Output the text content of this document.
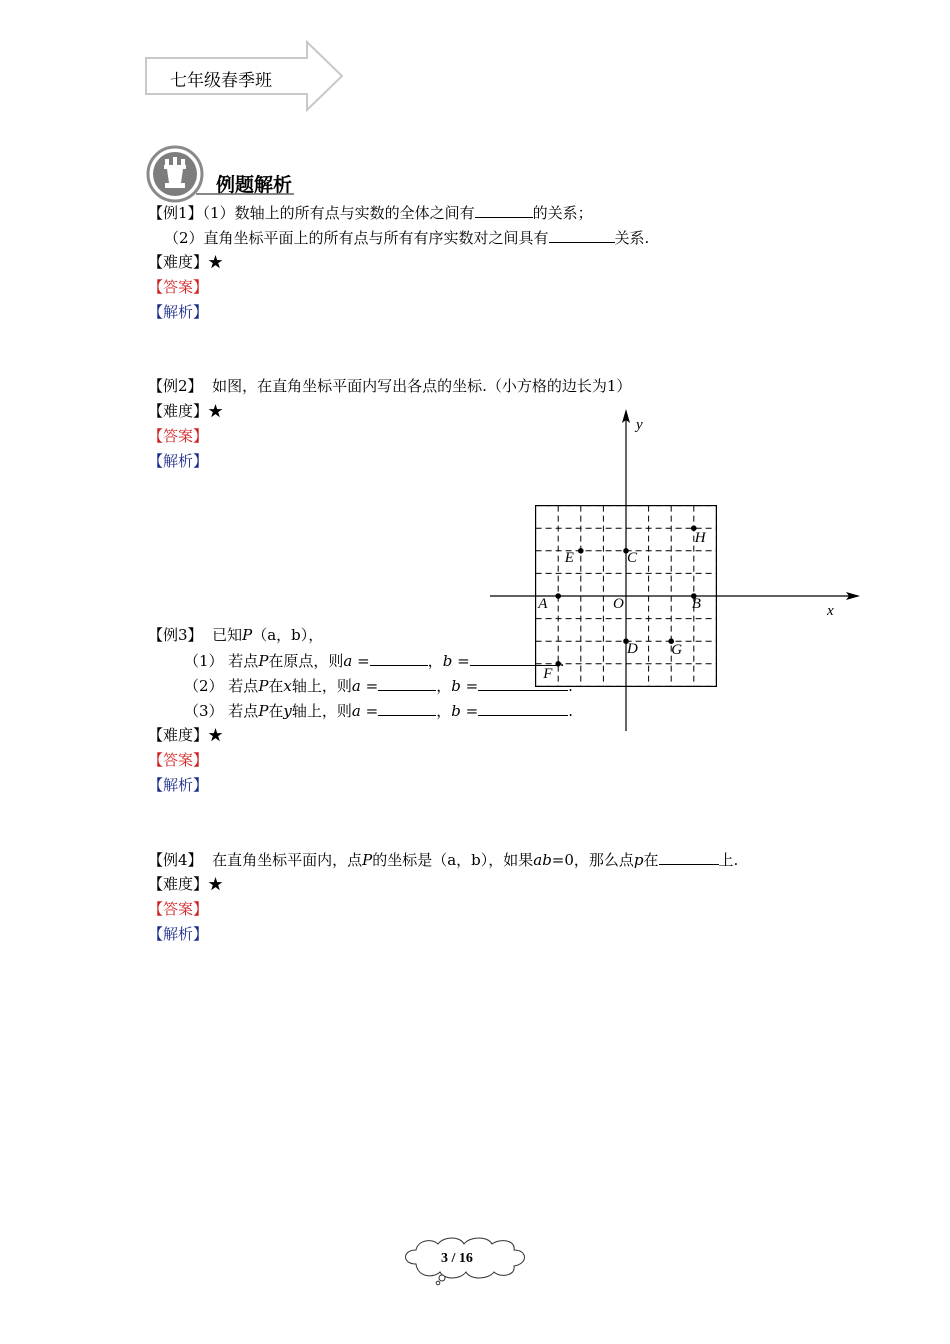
七年级春季班
例题解析
【例1】（1）数轴上的所有点与实数的全体之间有	的关系；
（2）直角坐标平面上的所有点与所有有序实数对之间具有	关系.
【难度】★
【答案】
【解析】
【例2】 如图，在直角坐标平面内写出各点的坐标.（小方格的边长为1）
【难度】★
【答案】
【解析】
x
y
H
E	C
A	O	B
D G
F
【例3】 已知P（a，b），
（1） 若点P在原点，则a =	，b =	.
（2） 若点P在x轴上，则a =	，b =	.
（3） 若点P在y轴上，则a =	，b =	.
【难度】★
【答案】
【解析】
【例4】 在直角坐标平面内，点P的坐标是（a，b），如果ab=0，那么点p在	上.
【难度】★
【答案】
【解析】
3 / 16
